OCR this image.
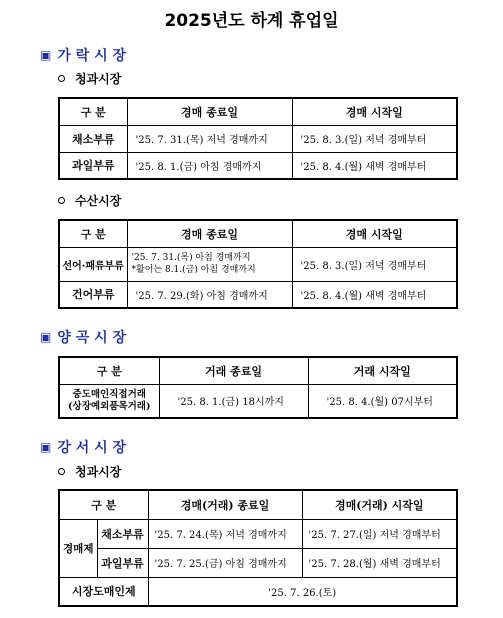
2025년도 하계 휴업일
▣ 가 락 시 장
청과시장
구 분	경매 종료일	경매 시작일
채소부류	'25. 7. 31.(목) 저녁 경매까지	'25. 8. 3.(일) 저녁 경매부터
과일부류	'25. 8. 1.(금) 아침 경매까지	'25. 8. 4.(월) 새벽 경매부터
수산시장
구 분	경매 종료일	경매 시작일
선어·패류부류	'25. 7. 31.(목) 아침 경매까지
*활어는 8.1.(금) 아침 경매까지	'25. 8. 3.(일) 저녁 경매부터
건어부류	'25. 7. 29.(화) 아침 경매까지	'25. 8. 4.(월) 새벽 경매부터
▣ 양 곡 시 장
구 분	거래 종료일	거래 시작일

중도매인직접거래
(상장예외품목거래)	'25. 8. 1.(금) 18시까지	'25. 8. 4.(월) 07시부터
▣ 강 서 시 장
청과시장
구 분		경매(거래) 종료일	경매(거래) 시작일
경매제	채소부류	'25. 7. 24.(목) 저녁 경매까지	'25. 7. 27.(일) 저녁 경매부터
	과일부류	'25. 7. 25.(금) 아침 경매까지	'25. 7. 28.(월) 새벽 경매부터
시장도매인제		'25. 7. 26.(토)	
